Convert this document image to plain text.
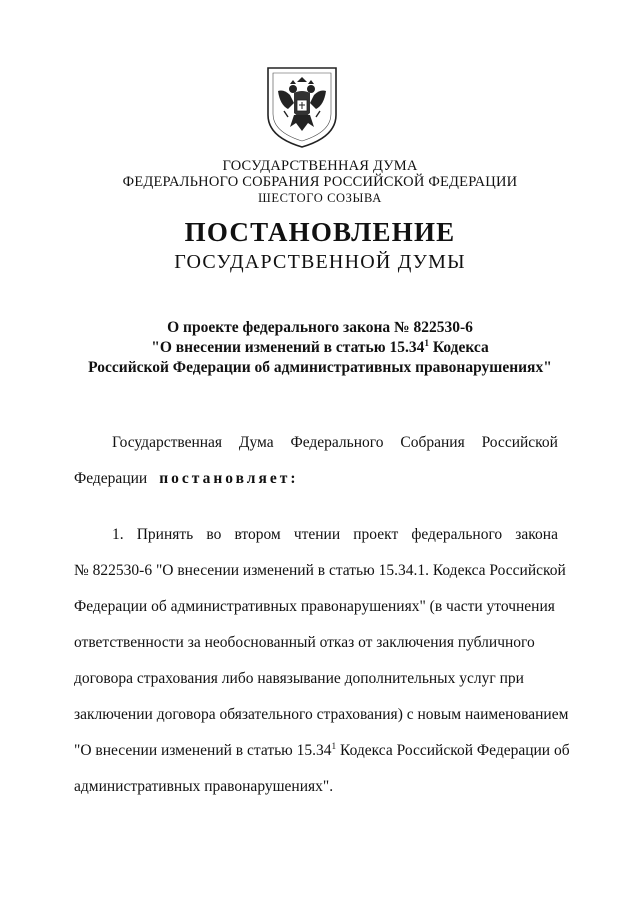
ГОСУДАРСТВЕННАЯ ДУМА
ФЕДЕРАЛЬНОГО СОБРАНИЯ РОССИЙСКОЙ ФЕДЕРАЦИИ
ШЕСТОГО СОЗЫВА
ПОСТАНОВЛЕНИЕ
ГОСУДАРСТВЕННОЙ ДУМЫ
О проекте федерального закона № 822530-6
"О внесении изменений в статью 15.34$^1$ Кодекса
Российской Федерации об административных правонарушениях"
Государственная Дума Федерального Собрания Российской
Федерации постановляет:
1. Принять во втором чтении проект федерального закона
№ 822530-6 "О внесении изменений в статью 15.34.1. Кодекса Российской
Федерации об административных правонарушениях" (в части уточнения
ответственности за необоснованный отказ от заключения публичного
договора страхования либо навязывание дополнительных услуг при
заключении договора обязательного страхования) с новым наименованием
"О внесении изменений в статью 15.34$^1$ Кодекса Российской Федерации об
административных правонарушениях".
